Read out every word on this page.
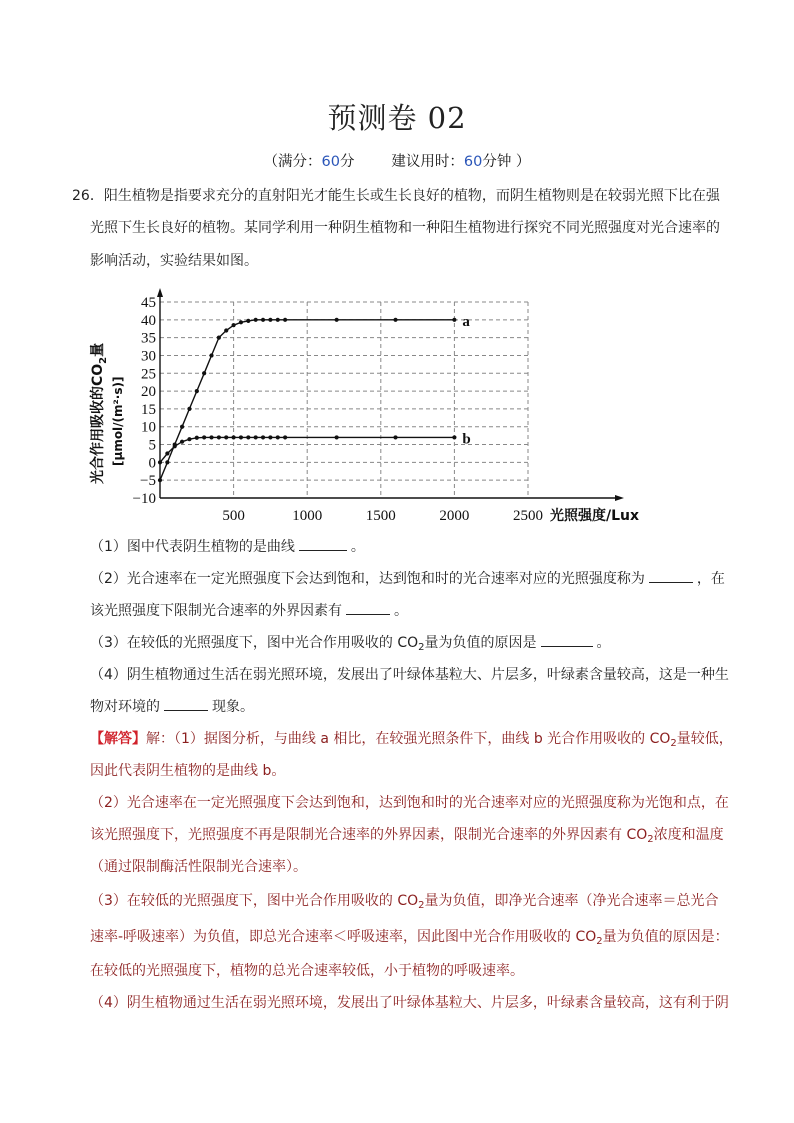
预测卷 02
（满分：60分	建议用时：60分钟 ）
26．阳生植物是指要求充分的直射阳光才能生长或生长良好的植物，而阴生植物则是在较弱光照下比在强
光照下生长良好的植物。某同学利用一种阴生植物和一种阳生植物进行探究不同光照强度对光合速率的
影响活动，实验结果如图。
−10
−5
0
5
10
15
20
25
30
35
40
45
500	1000	1500	2000	2500 光照强度/Lux
光合作用吸收的$CO_2$量
[μmol/(m²·s)]
a
b
（1）图中代表阴生植物的是曲线	。
（2）光合速率在一定光照强度下会达到饱和，达到饱和时的光合速率对应的光照强度称为	，在
该光照强度下限制光合速率的外界因素有	。
（3）在较低的光照强度下，图中光合作用吸收的 $CO_2$量为负值的原因是	。
（4）阴生植物通过生活在弱光照环境，发展出了叶绿体基粒大、片层多，叶绿素含量较高，这是一种生
物对环境的	现象。
【解答】解：（1）据图分析，与曲线 a 相比，在较强光照条件下，曲线 b 光合作用吸收的 $CO_2$量较低，
因此代表阴生植物的是曲线 b。
（2）光合速率在一定光照强度下会达到饱和，达到饱和时的光合速率对应的光照强度称为光饱和点，在
该光照强度下，光照强度不再是限制光合速率的外界因素，限制光合速率的外界因素有 $CO_2$浓度和温度
（通过限制酶活性限制光合速率）。
（3）在较低的光照强度下，图中光合作用吸收的 $CO_2$量为负值，即净光合速率（净光合速率＝总光合
速率-呼吸速率）为负值，即总光合速率＜呼吸速率，因此图中光合作用吸收的 $CO_2$量为负值的原因是：
在较低的光照强度下，植物的总光合速率较低，小于植物的呼吸速率。
（4）阴生植物通过生活在弱光照环境，发展出了叶绿体基粒大、片层多，叶绿素含量较高，这有利于阴
